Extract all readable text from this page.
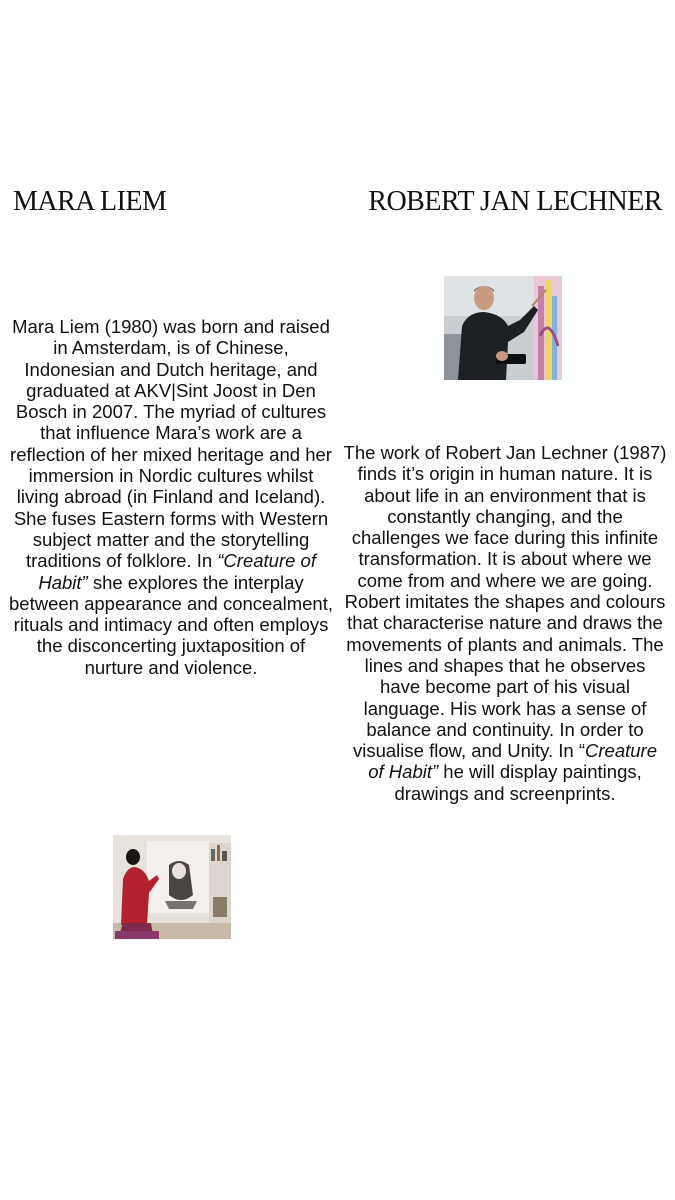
MARA LIEM	ROBERT JAN LECHNER

Mara Liem (1980) was born and raised in Amsterdam, is of Chinese, Indonesian and Dutch heritage, and graduated at AKV|Sint Joost in Den Bosch in 2007. The myriad of cultures that influence Mara’s work are a reflection of her mixed heritage and her immersion in Nordic cultures whilst living abroad (in Finland and Iceland). She fuses Eastern forms with Western subject matter and the storytelling traditions of folklore. In “Creature of Habit” she explores the interplay between appearance and concealment, rituals and intimacy and often employs the disconcerting juxtaposition of nurture and violence.

The work of Robert Jan Lechner (1987) finds it’s origin in human nature. It is about life in an environment that is constantly changing, and the challenges we face during this infinite transformation. It is about where we come from and where we are going. Robert imitates the shapes and colours that characterise nature and draws the movements of plants and animals. The lines and shapes that he observes have become part of his visual language. His work has a sense of balance and continuity. In order to visualise flow, and Unity. In “Creature of Habit” he will display paintings, drawings and screenprints.
